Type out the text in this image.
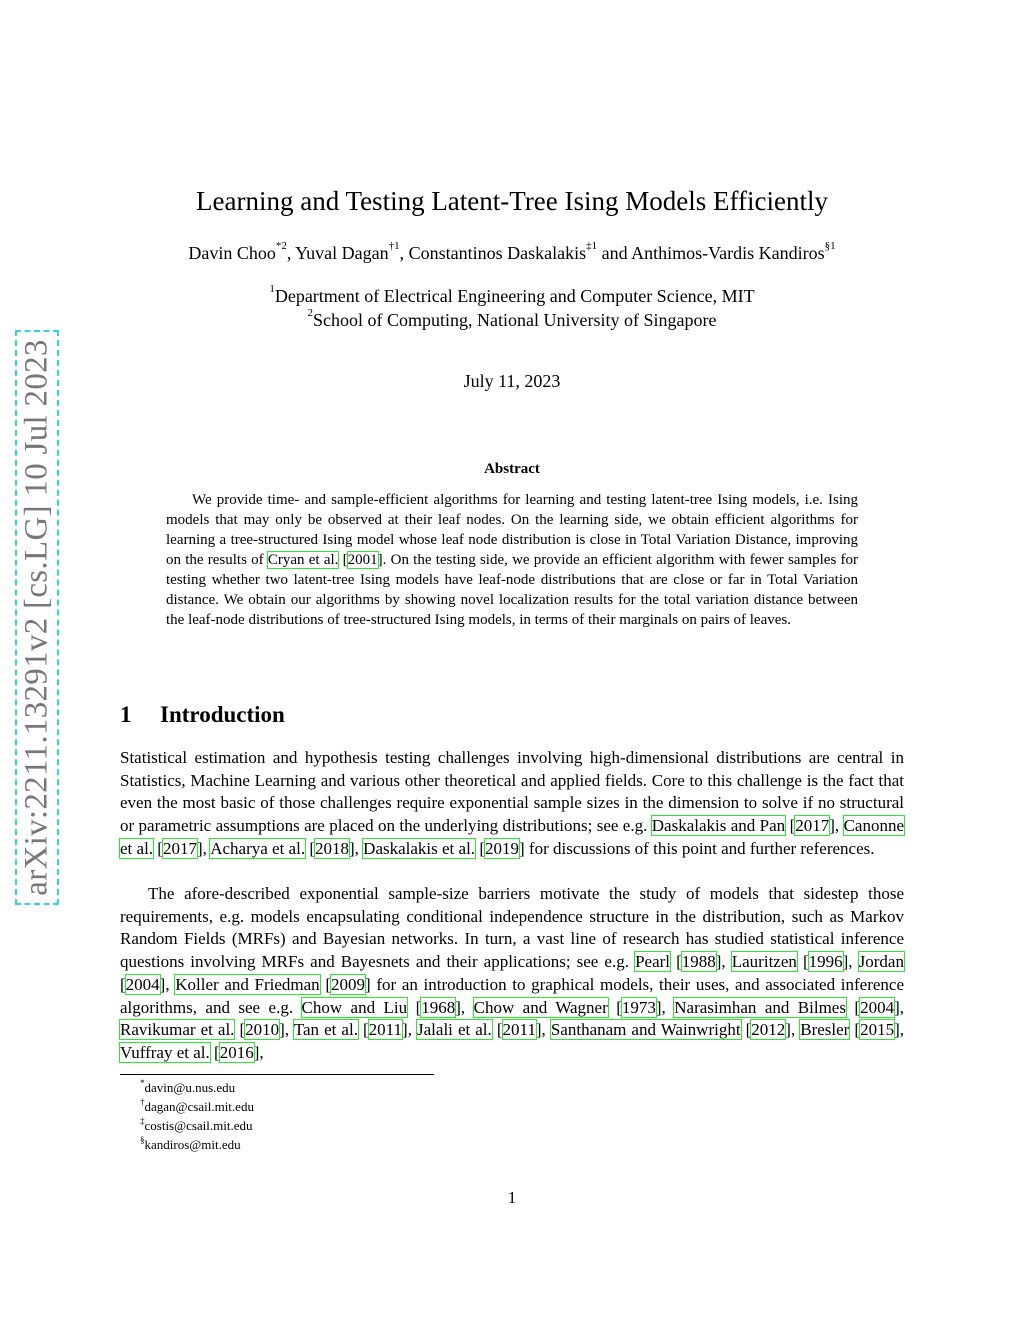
arXiv:2211.13291v2 [cs.LG] 10 Jul 2023
Learning and Testing Latent-Tree Ising Models Efficiently
Davin Choo$^{*2}$, Yuval Dagan$^{\dagger 1}$, Constantinos Daskalakis$^{\ddagger 1}$ and Anthimos-Vardis Kandiros$^{\S 1}$
$^1$Department of Electrical Engineering and Computer Science, MIT
$^2$School of Computing, National University of Singapore
July 11, 2023
Abstract
We provide time- and sample-efficient algorithms for learning and testing latent-tree Ising models, i.e. Ising models that may only be observed at their leaf nodes. On the learning side, we obtain efficient algorithms for learning a tree-structured Ising model whose leaf node distribution is close in Total Variation Distance, improving on the results of Cryan et al. [2001]. On the testing side, we provide an efficient algorithm with fewer samples for testing whether two latent-tree Ising models have leaf-node distributions that are close or far in Total Variation distance. We obtain our algorithms by showing novel localization results for the total variation distance between the leaf-node distributions of tree-structured Ising models, in terms of their marginals on pairs of leaves.
1 Introduction
Statistical estimation and hypothesis testing challenges involving high-dimensional distributions are central in Statistics, Machine Learning and various other theoretical and applied fields. Core to this challenge is the fact that even the most basic of those challenges require exponential sample sizes in the dimension to solve if no structural or parametric assumptions are placed on the underlying distributions; see e.g. Daskalakis and Pan [2017], Canonne et al. [2017], Acharya et al. [2018], Daskalakis et al. [2019] for discussions of this point and further references.
The afore-described exponential sample-size barriers motivate the study of models that sidestep those requirements, e.g. models encapsulating conditional independence structure in the distribution, such as Markov Random Fields (MRFs) and Bayesian networks. In turn, a vast line of research has studied statistical inference questions involving MRFs and Bayesnets and their applications; see e.g. Pearl [1988], Lauritzen [1996], Jordan [2004], Koller and Friedman [2009] for an introduction to graphical models, their uses, and associated inference algorithms, and see e.g. Chow and Liu [1968], Chow and Wagner [1973], Narasimhan and Bilmes [2004], Ravikumar et al. [2010], Tan et al. [2011], Jalali et al. [2011], Santhanam and Wainwright [2012], Bresler [2015], Vuffray et al. [2016],
*davin@u.nus.edu
†dagan@csail.mit.edu
‡costis@csail.mit.edu
§kandiros@mit.edu
1
